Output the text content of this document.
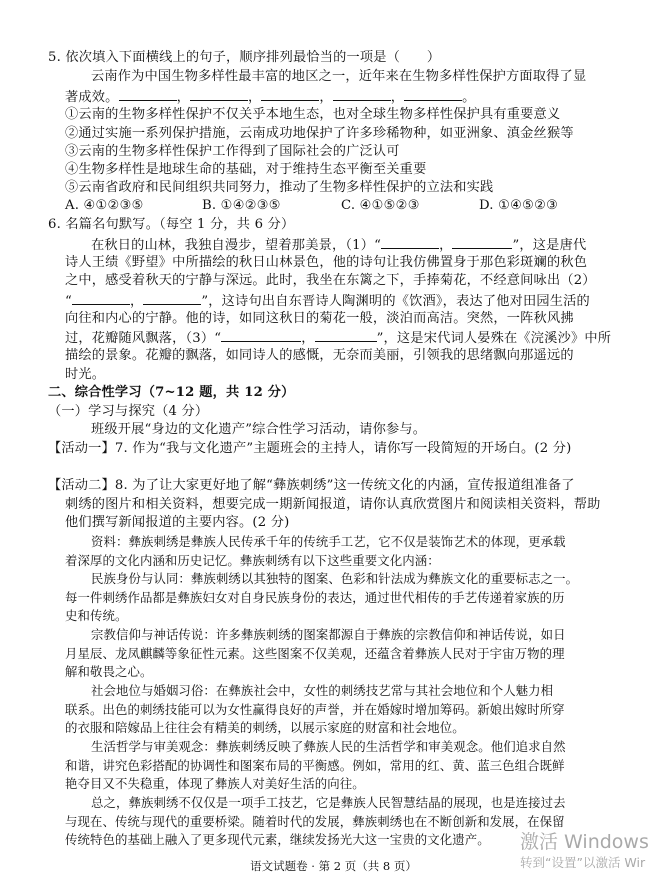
5. 依次填入下面横线上的句子，顺序排列最恰当的一项是（　　）
云南作为中国生物多样性最丰富的地区之一，近年来在生物多样性保护方面取得了显
著成效。	，	，	，	，	。
①云南的生物多样性保护不仅关乎本地生态，也对全球生物多样性保护具有重要意义
②通过实施一系列保护措施，云南成功地保护了许多珍稀物种，如亚洲象、滇金丝猴等
③云南的生物多样性保护工作得到了国际社会的广泛认可
④生物多样性是地球生命的基础，对于维持生态平衡至关重要
⑤云南省政府和民间组织共同努力，推动了生物多样性保护的立法和实践
A. ④①②③⑤	B. ①④②③⑤	C. ④①⑤②③	D. ①④⑤②③
6. 名篇名句默写。（每空 1 分，共 6 分）
在秋日的山林，我独自漫步，望着那美景，（1）“	，	”，这是唐代
诗人王绩《野望》中所描绘的秋日山林景色，他的诗句让我仿佛置身于那色彩斑斓的秋色
之中，感受着秋天的宁静与深远。此时，我坐在东篱之下，手捧菊花，不经意间咏出（2）
“	，	”，这诗句出自东晋诗人陶渊明的《饮酒》，表达了他对田园生活的
向往和内心的宁静。他的诗，如同这秋日的菊花一般，淡泊而高洁。突然，一阵秋风拂
过，花瓣随风飘落，（3）“	，	”，这是宋代词人晏殊在《浣溪沙》中所
描绘的景象。花瓣的飘落，如同诗人的感慨，无奈而美丽，引领我的思绪飘向那遥远的
时光。
二、综合性学习（7~12 题，共 12 分）
（一）学习与探究（4 分）
班级开展“身边的文化遗产”综合性学习活动，请你参与。
【活动一】7. 作为“我与文化遗产”主题班会的主持人，请你写一段简短的开场白。(2 分)
【活动二】8. 为了让大家更好地了解“彝族刺绣”这一传统文化的内涵，宣传报道组准备了
刺绣的图片和相关资料，想要完成一期新闻报道，请你认真欣赏图片和阅读相关资料，帮助
他们撰写新闻报道的主要内容。(2 分)
资料：彝族刺绣是彝族人民传承千年的传统手工艺，它不仅是装饰艺术的体现，更承载
着深厚的文化内涵和历史记忆。彝族刺绣有以下这些重要文化内涵：
民族身份与认同：彝族刺绣以其独特的图案、色彩和针法成为彝族文化的重要标志之一。
每一件刺绣作品都是彝族妇女对自身民族身份的表达，通过世代相传的手艺传递着家族的历
史和传统。
宗教信仰与神话传说：许多彝族刺绣的图案都源自于彝族的宗教信仰和神话传说，如日
月星辰、龙凤麒麟等象征性元素。这些图案不仅美观，还蕴含着彝族人民对于宇宙万物的理
解和敬畏之心。
社会地位与婚姻习俗：在彝族社会中，女性的刺绣技艺常与其社会地位和个人魅力相
联系。出色的刺绣技能可以为女性赢得良好的声誉，并在婚嫁时增加筹码。新娘出嫁时所穿
的衣服和陪嫁品上往往会有精美的刺绣，以展示家庭的财富和社会地位。
生活哲学与审美观念：彝族刺绣反映了彝族人民的生活哲学和审美观念。他们追求自然
和谐，讲究色彩搭配的协调性和图案布局的平衡感。例如，常用的红、黄、蓝三色组合既鲜
艳夺目又不失稳重，体现了彝族人对美好生活的向往。
总之，彝族刺绣不仅仅是一项手工技艺，它是彝族人民智慧结晶的展现，也是连接过去
与现在、传统与现代的重要桥梁。随着时代的发展，彝族刺绣也在不断创新和发展，在保留
传统特色的基础上融入了更多现代元素，继续发扬光大这一宝贵的文化遗产。
语文试题卷 · 第 2 页（共 8 页）
激活 Windows
转到“设置”以激活 Wir
